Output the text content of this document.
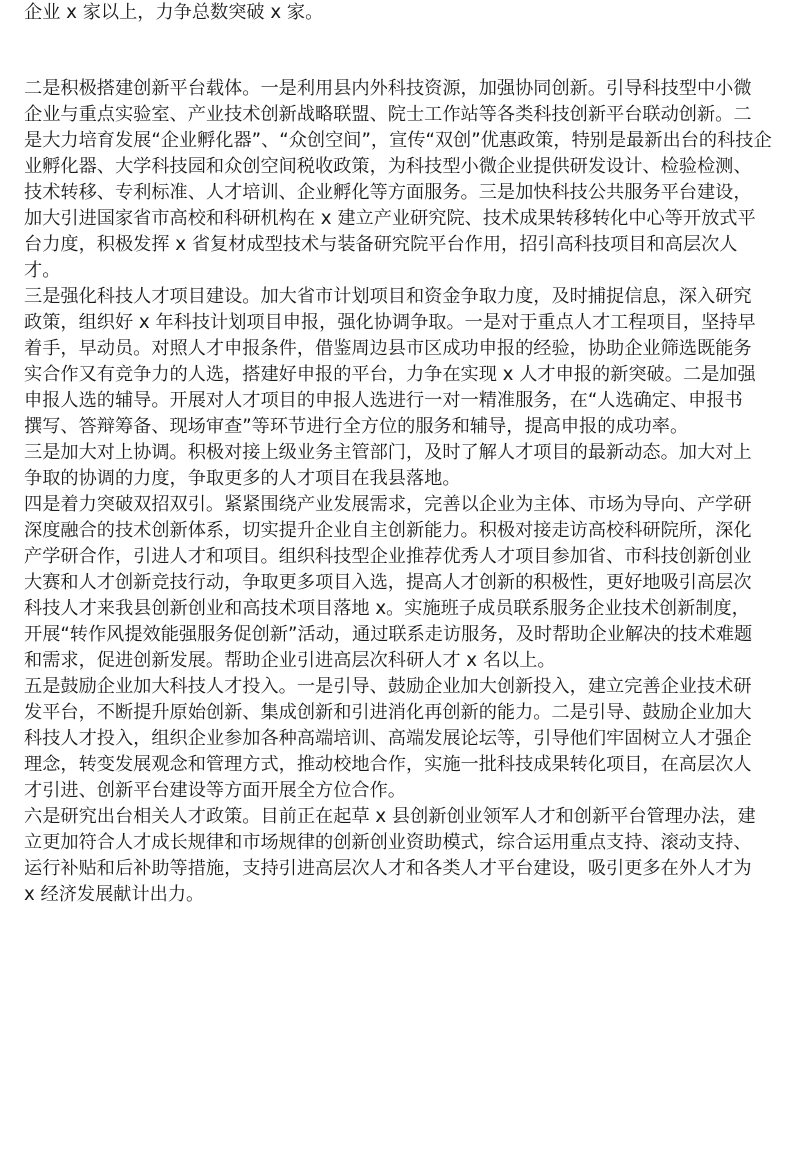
企业 x 家以上，力争总数突破 x 家。
二是积极搭建创新平台载体。一是利用县内外科技资源，加强协同创新。引导科技型中小微
企业与重点实验室、产业技术创新战略联盟、院士工作站等各类科技创新平台联动创新。二
是大力培育发展“企业孵化器”、“众创空间”，宣传“双创”优惠政策，特别是最新出台的科技企
业孵化器、大学科技园和众创空间税收政策，为科技型小微企业提供研发设计、检验检测、
技术转移、专利标准、人才培训、企业孵化等方面服务。三是加快科技公共服务平台建设，
加大引进国家省市高校和科研机构在 x 建立产业研究院、技术成果转移转化中心等开放式平
台力度，积极发挥 x 省复材成型技术与装备研究院平台作用，招引高科技项目和高层次人
才。
三是强化科技人才项目建设。加大省市计划项目和资金争取力度，及时捕捉信息，深入研究
政策，组织好 x 年科技计划项目申报，强化协调争取。一是对于重点人才工程项目，坚持早
着手，早动员。对照人才申报条件，借鉴周边县市区成功申报的经验，协助企业筛选既能务
实合作又有竞争力的人选，搭建好申报的平台，力争在实现 x 人才申报的新突破。二是加强
申报人选的辅导。开展对人才项目的申报人选进行一对一精准服务，在“人选确定、申报书
撰写、答辩筹备、现场审查”等环节进行全方位的服务和辅导，提高申报的成功率。
三是加大对上协调。积极对接上级业务主管部门，及时了解人才项目的最新动态。加大对上
争取的协调的力度，争取更多的人才项目在我县落地。
四是着力突破双招双引。紧紧围绕产业发展需求，完善以企业为主体、市场为导向、产学研
深度融合的技术创新体系，切实提升企业自主创新能力。积极对接走访高校科研院所，深化
产学研合作，引进人才和项目。组织科技型企业推荐优秀人才项目参加省、市科技创新创业
大赛和人才创新竞技行动，争取更多项目入选，提高人才创新的积极性，更好地吸引高层次
科技人才来我县创新创业和高技术项目落地 x。实施班子成员联系服务企业技术创新制度，
开展“转作风提效能强服务促创新”活动，通过联系走访服务，及时帮助企业解决的技术难题
和需求，促进创新发展。帮助企业引进高层次科研人才 x 名以上。
五是鼓励企业加大科技人才投入。一是引导、鼓励企业加大创新投入，建立完善企业技术研
发平台，不断提升原始创新、集成创新和引进消化再创新的能力。二是引导、鼓励企业加大
科技人才投入，组织企业参加各种高端培训、高端发展论坛等，引导他们牢固树立人才强企
理念，转变发展观念和管理方式，推动校地合作，实施一批科技成果转化项目，在高层次人
才引进、创新平台建设等方面开展全方位合作。
六是研究出台相关人才政策。目前正在起草 x 县创新创业领军人才和创新平台管理办法，建
立更加符合人才成长规律和市场规律的创新创业资助模式，综合运用重点支持、滚动支持、
运行补贴和后补助等措施，支持引进高层次人才和各类人才平台建设，吸引更多在外人才为
x 经济发展献计出力。
